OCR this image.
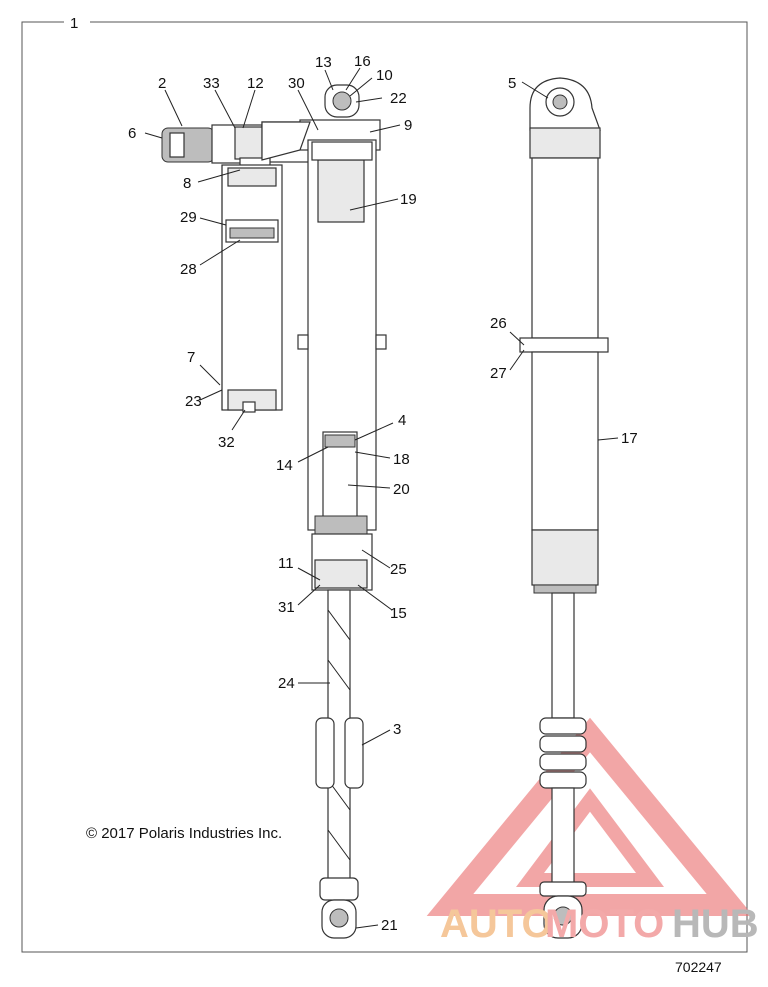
1
2 33 12 30
13 16
10
22
9
6
8
19
29
28
7
23
32
4
14	18
20
11	25
31	15
24
3
21
5
26
27
17
© 2017 Polaris Industries Inc.
702247
AUTO
MOTO HUB
